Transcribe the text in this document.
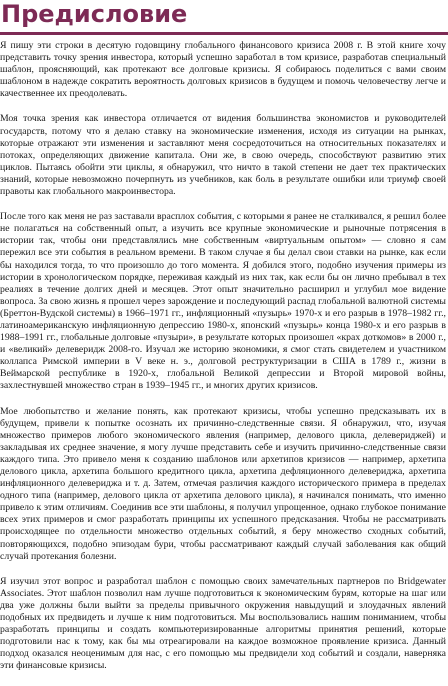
Предисловие

Я пишу эти строки в десятую годовщину глобального финансового кризиса 2008 г. В этой книге хочу представить точку зрения инвестора, который успешно заработал в том кризисе, разработав специальный шаблон, проясняющий, как протекают все долговые кризисы. Я собираюсь поделиться с вами своим шаблоном в надежде сократить вероятность долговых кризисов в будущем и помочь человечеству легче и качественнее их преодолевать.

Моя точка зрения как инвестора отличается от видения большинства экономистов и руководителей государств, потому что я делаю ставку на экономические изменения, исходя из ситуации на рынках, которые отражают эти изменения и заставляют меня сосредоточиться на относительных показателях и потоках, определяющих движение капитала. Они же, в свою очередь, способствуют развитию этих циклов. Пытаясь обойти эти циклы, я обнаружил, что ничто в такой степени не дает тех практических знаний, которые невозможно почерпнуть из учебников, как боль в результате ошибки или триумф своей правоты как глобального макроинвестора.

После того как меня не раз заставали врасплох события, с которыми я ранее не сталкивался, я решил более не полагаться на собственный опыт, а изучить все крупные экономические и рыночные потрясения в истории так, чтобы они представлялись мне собственным «виртуальным опытом» — словно я сам пережил все эти события в реальном времени. В таком случае я бы делал свои ставки на рынке, как если бы находился тогда, то что произошло до того момента. Я добился этого, подобно изучения примеры из истории в хронологическом порядке, переживая каждый из них так, как если бы он лично пребывал в тех реалиях в течение долгих дней и месяцев. Этот опыт значительно расширил и углубил мое видение вопроса. За свою жизнь я прошел через зарождение и последующий распад глобальной валютной системы (Бреттон-Вудской системы) в 1966–1971 гг., инфляционный «пузырь» 1970-х и его разрыв в 1978–1982 гг., латиноамериканскую инфляционную депрессию 1980-х, японский «пузырь» конца 1980-х и его разрыв в 1988–1991 гг., глобальные долговые «пузыри», в результате которых произошел «крах доткомов» в 2000 г., и «великий» делеверидж 2008-го. Изучал же историю экономики, я смог стать свидетелем и участником коллапса Римской империи в V веке н. э., долговой реструктуризации в США в 1789 г., жизни в Веймарской республике в 1920-х, глобальной Великой депрессии и Второй мировой войны, захлестнувшей множество стран в 1939–1945 гг., и многих других кризисов.

Мое любопытство и желание понять, как протекают кризисы, чтобы успешно предсказывать их в будущем, привели к попытке осознать их причинно-следственные связи. Я обнаружил, что, изучая множество примеров любого экономического явления (например, делового цикла, делевериджей) и закладывая их среднее значение, я могу лучше представить себе и изучить причинно-следственные связи каждого типа. Это привело меня к созданию шаблонов или архетипов кризисов — например, архетипа делового цикла, архетипа большого кредитного цикла, архетипа дефляционного делевериджа, архетипа инфляционного делевериджа и т. д. Затем, отмечая различия каждого исторического примера в пределах одного типа (например, делового цикла от архетипа делового цикла), я начинался понимать, что именно привело к этим отличиям. Соединив все эти шаблоны, я получил упрощенное, однако глубокое понимание всех этих примеров и смог разработать принципы их успешного предсказания. Чтобы не рассматривать происходящее по отдельности множество отдельных событий, я беру множество сходных событий, повторяющихся, подобно эпизодам бури, чтобы рассматривают каждый случай заболевания как общий случай протекания болезни.

Я изучил этот вопрос и разработал шаблон с помощью своих замечательных партнеров по Bridgewater Associates. Этот шаблон позволил нам лучше подготовиться к экономическим бурям, которые на шаг или два уже должны были выйти за пределы привычного окружения навыдущий и злоудачных явлений подобных их предвидеть и лучше к ним подготовиться. Мы воспользовались нашим пониманием, чтобы разработать принципы и создать компьютеризированные алгоритмы принятия решений, которые подготовили нас к тому, как бы мы отреагировали на каждое возможное проявление кризиса. Данный подход оказался неоценимым для нас, с его помощью мы предвидели ход событий и создали, наверняка эти финансовые кризисы.
